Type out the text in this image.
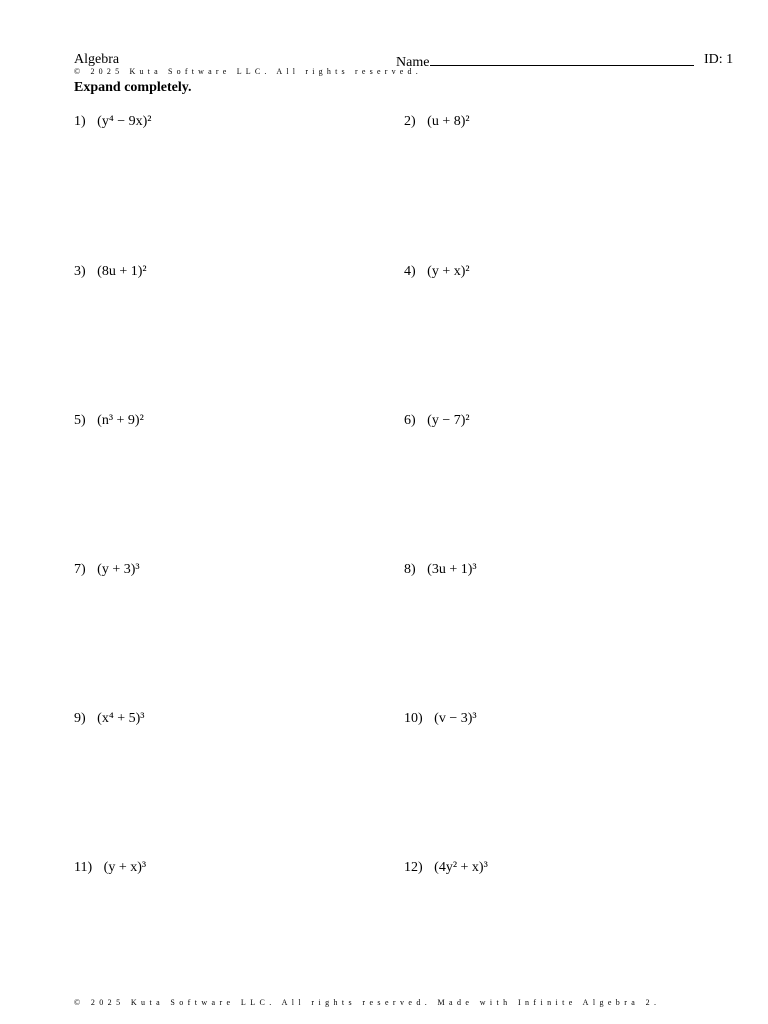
Algebra	Name	ID: 1
© 2025 Kuta Software LLC. All rights reserved.
Expand completely.
1) (y⁴ − 9x)²	2) (u + 8)²
3) (8u + 1)²	4) (y + x)²
5) (n³ + 9)²	6) (y − 7)²
7) (y + 3)³	8) (3u + 1)³
9) (x⁴ + 5)³	10) (v − 3)³
11) (y + x)³	12) (4y² + x)³
© 2025 Kuta Software LLC. All rights reserved. Made with Infinite Algebra 2.
